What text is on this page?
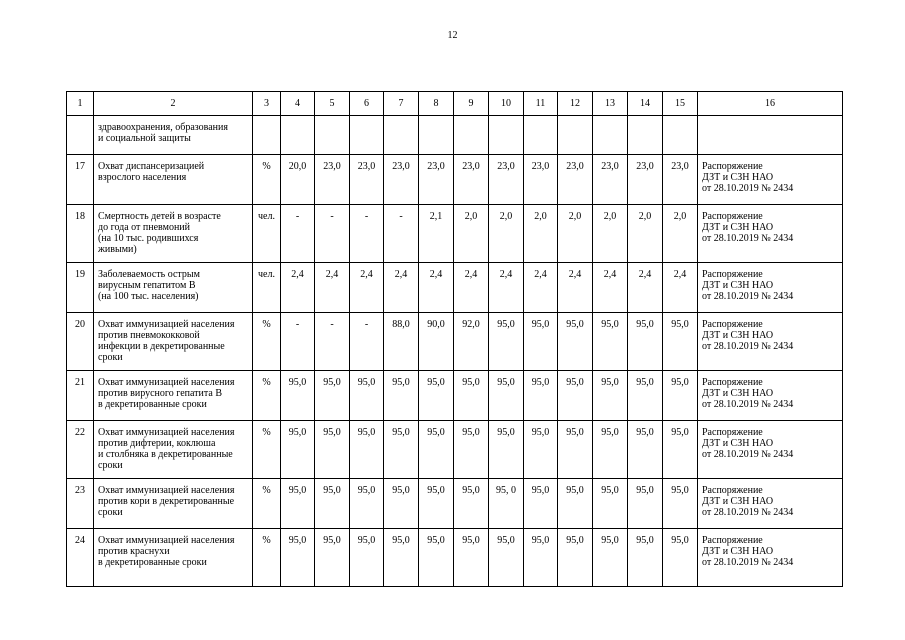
12
1	2	3	4	5	6	7	8	9	10	11	12	13	14	15	16

	здравоохранения, образования
и социальной защиты														

17	Охват диспансеризацией
взрослого населения	%	20,0	23,0	23,0	23,0	23,0	23,0	23,0	23,0	23,0	23,0	23,0	23,0	Распоряжение
ДЗТ и СЗН НАО
от 28.10.2019 № 2434

18	Смертность детей в возрасте
до года от пневмоний
(на 10 тыс. родившихся
живыми)	чел.	-	-	-	-	2,1	2,0	2,0	2,0	2,0	2,0	2,0	2,0	Распоряжение
ДЗТ и СЗН НАО
от 28.10.2019 № 2434

19	Заболеваемость острым
вирусным гепатитом В
(на 100 тыс. населения)	чел.	2,4	2,4	2,4	2,4	2,4	2,4	2,4	2,4	2,4	2,4	2,4	2,4	Распоряжение
ДЗТ и СЗН НАО
от 28.10.2019 № 2434

20	Охват иммунизацией населения
против пневмококковой
инфекции в декретированные
сроки	%	-	-	-	88,0	90,0	92,0	95,0	95,0	95,0	95,0	95,0	95,0	Распоряжение
ДЗТ и СЗН НАО
от 28.10.2019 № 2434

21	Охват иммунизацией населения
против вирусного гепатита В
в декретированные сроки	%	95,0	95,0	95,0	95,0	95,0	95,0	95,0	95,0	95,0	95,0	95,0	95,0	Распоряжение
ДЗТ и СЗН НАО
от 28.10.2019 № 2434

22	Охват иммунизацией населения
против дифтерии, коклюша
и столбняка в декретированные
сроки	%	95,0	95,0	95,0	95,0	95,0	95,0	95,0	95,0	95,0	95,0	95,0	95,0	Распоряжение
ДЗТ и СЗН НАО
от 28.10.2019 № 2434

23	Охват иммунизацией населения
против кори в декретированные
сроки	%	95,0	95,0	95,0	95,0	95,0	95,0	95, 0	95,0	95,0	95,0	95,0	95,0	Распоряжение
ДЗТ и СЗН НАО
от 28.10.2019 № 2434

24	Охват иммунизацией населения
против краснухи
в декретированные сроки	%	95,0	95,0	95,0	95,0	95,0	95,0	95,0	95,0	95,0	95,0	95,0	95,0	Распоряжение
ДЗТ и СЗН НАО
от 28.10.2019 № 2434
